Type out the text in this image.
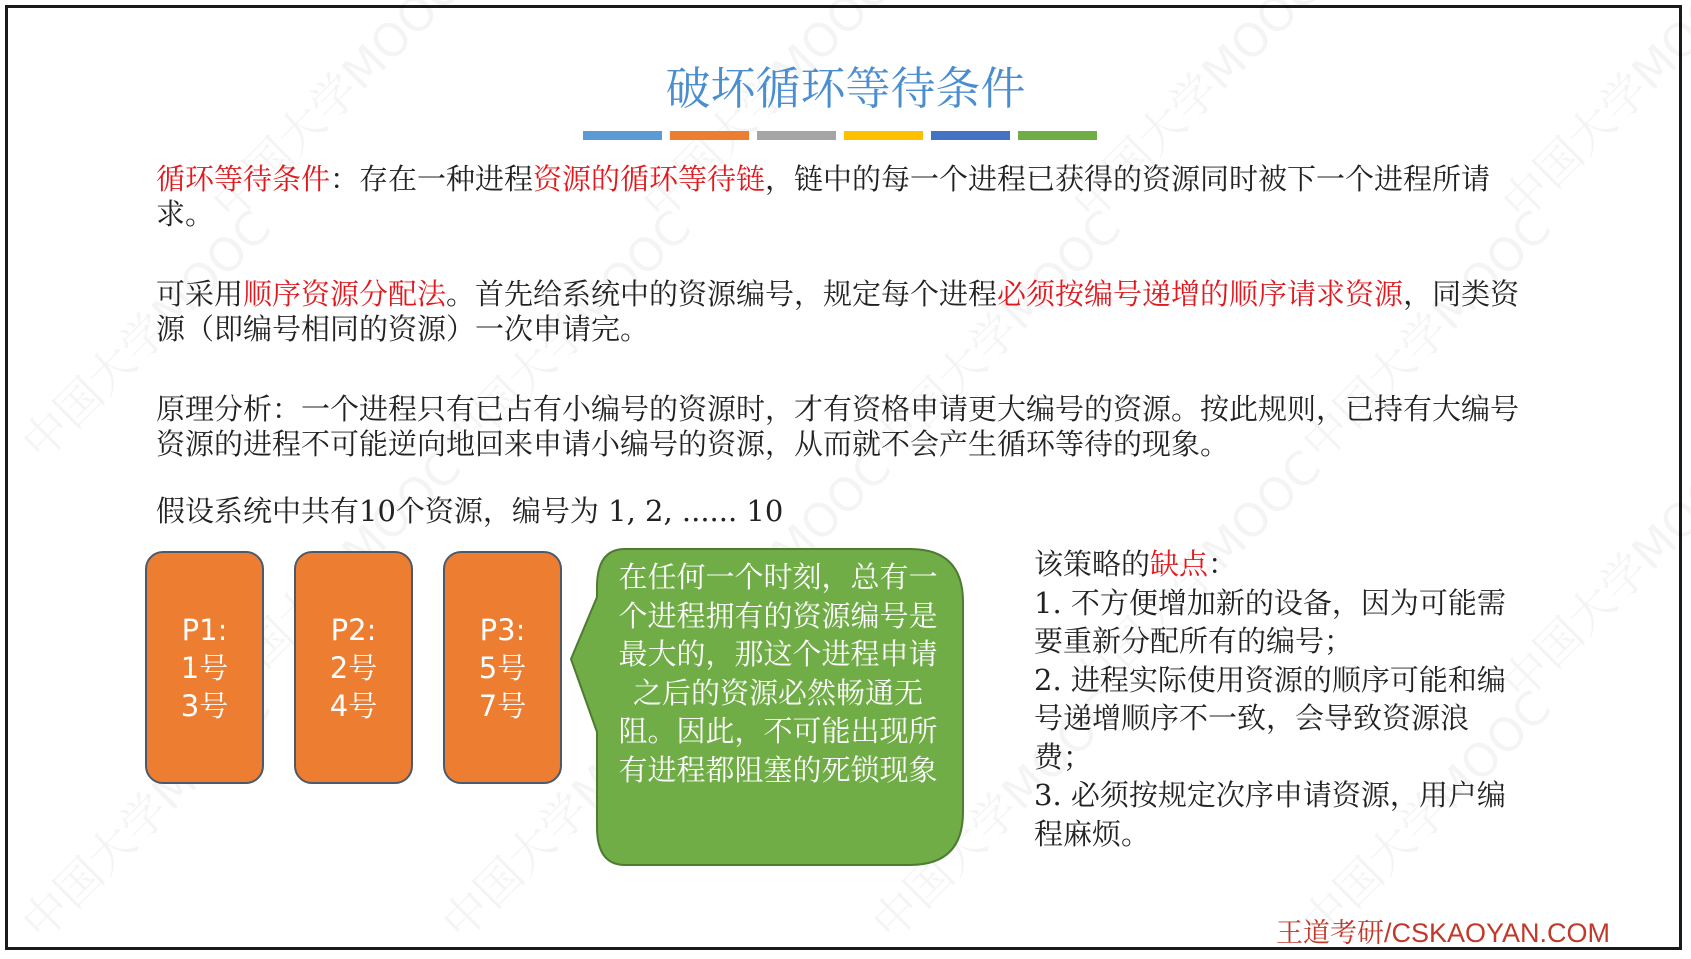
破坏循环等待条件
循环等待条件：存在一种进程资源的循环等待链，链中的每一个进程已获得的资源同时被下一个进程所请求。
可采用顺序资源分配法。首先给系统中的资源编号，规定每个进程必须按编号递增的顺序请求资源，同类资源（即编号相同的资源）一次申请完。
原理分析：一个进程只有已占有小编号的资源时，才有资格申请更大编号的资源。按此规则，已持有大编号资源的进程不可能逆向地回来申请小编号的资源，从而就不会产生循环等待的现象。
假设系统中共有10个资源，编号为 1, 2, ...... 10
P1:
1号
3号
P2:
2号
4号
P3:
5号
7号
在任何一个时刻，总有一个进程拥有的资源编号是最大的，那这个进程申请之后的资源必然畅通无阻。因此，不可能出现所有进程都阻塞的死锁现象
该策略的缺点：
1. 不方便增加新的设备，因为可能需要重新分配所有的编号；
2. 进程实际使用资源的顺序可能和编号递增顺序不一致，会导致资源浪费；
3. 必须按规定次序申请资源，用户编程麻烦。
王道考研/CSKAOYAN.COM
